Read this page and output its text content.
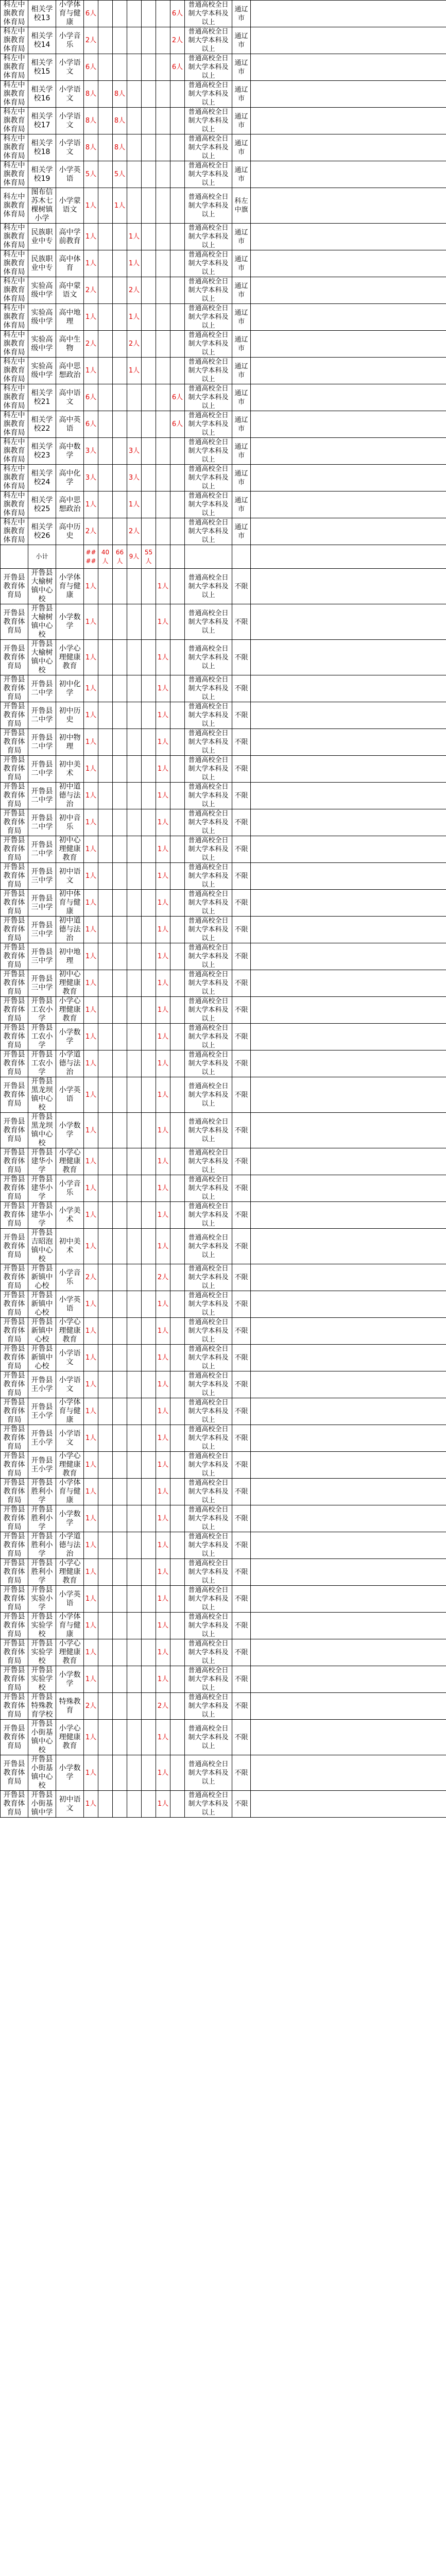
科左中旗教育体育局	相关学校13	小学体育与健康	6人						6人	普通高校全日制大学本科及以上	通辽市	
科左中旗教育体育局	相关学校14	小学音乐	2人						2人	普通高校全日制大学本科及以上	通辽市	
科左中旗教育体育局	相关学校15	小学语文	6人						6人	普通高校全日制大学本科及以上	通辽市	
科左中旗教育体育局	相关学校16	小学语文	8人		8人					普通高校全日制大学本科及以上	通辽市	
科左中旗教育体育局	相关学校17	小学语文	8人		8人					普通高校全日制大学本科及以上	通辽市	
科左中旗教育体育局	相关学校18	小学语文	8人		8人					普通高校全日制大学本科及以上	通辽市	
科左中旗教育体育局	相关学校19	小学英语	5人		5人					普通高校全日制大学本科及以上	通辽市	
科左中旗教育体育局	图布信苏木七棵树镇小学	小学蒙语文	1人		1人					普通高校全日制大学本科及以上	科左中旗	
科左中旗教育体育局	民族职业中专	高中学前教育	1人			1人				普通高校全日制大学本科及以上	通辽市	
科左中旗教育体育局	民族职业中专	高中体育	1人			1人				普通高校全日制大学本科及以上	通辽市	
科左中旗教育体育局	实验高级中学	高中蒙语文	2人			2人				普通高校全日制大学本科及以上	通辽市	
科左中旗教育体育局	实验高级中学	高中地理	1人			1人				普通高校全日制大学本科及以上	通辽市	
科左中旗教育体育局	实验高级中学	高中生物	2人			2人				普通高校全日制大学本科及以上	通辽市	
科左中旗教育体育局	实验高级中学	高中思想政治	1人			1人				普通高校全日制大学本科及以上	通辽市	
科左中旗教育体育局	相关学校21	高中语文	6人						6人	普通高校全日制大学本科及以上	通辽市	
科左中旗教育体育局	相关学校22	高中英语	6人						6人	普通高校全日制大学本科及以上	通辽市	
科左中旗教育体育局	相关学校23	高中数学	3人			3人				普通高校全日制大学本科及以上	通辽市	
科左中旗教育体育局	相关学校24	高中化学	3人			3人				普通高校全日制大学本科及以上	通辽市	
科左中旗教育体育局	相关学校25	高中思想政治	1人			1人				普通高校全日制大学本科及以上	通辽市	
科左中旗教育体育局	相关学校26	高中历史	2人			2人				普通高校全日制大学本科及以上	通辽市	
	小计		####	40人	66人	9人	55人					
开鲁县教育体育局	开鲁县大榆树镇中心校	小学体育与健康	1人					1人		普通高校全日制大学本科及以上	不限	
开鲁县教育体育局	开鲁县大榆树镇中心校	小学数学	1人					1人		普通高校全日制大学本科及以上	不限	
开鲁县教育体育局	开鲁县大榆树镇中心校	小学心理健康教育	1人					1人		普通高校全日制大学本科及以上	不限	
开鲁县教育体育局	开鲁县二中学	初中化学	1人					1人		普通高校全日制大学本科及以上	不限	
开鲁县教育体育局	开鲁县二中学	初中历史	1人					1人		普通高校全日制大学本科及以上	不限	
开鲁县教育体育局	开鲁县二中学	初中物理	1人					1人		普通高校全日制大学本科及以上	不限	
开鲁县教育体育局	开鲁县二中学	初中美术	1人					1人		普通高校全日制大学本科及以上	不限	
开鲁县教育体育局	开鲁县二中学	初中道德与法治	1人					1人		普通高校全日制大学本科及以上	不限	
开鲁县教育体育局	开鲁县二中学	初中音乐	1人					1人		普通高校全日制大学本科及以上	不限	
开鲁县教育体育局	开鲁县二中学	初中心理健康教育	1人					1人		普通高校全日制大学本科及以上	不限	
开鲁县教育体育局	开鲁县三中学	初中语文	1人					1人		普通高校全日制大学本科及以上	不限	
开鲁县教育体育局	开鲁县三中学	初中体育与健康	1人					1人		普通高校全日制大学本科及以上	不限	
开鲁县教育体育局	开鲁县三中学	初中道德与法治	1人					1人		普通高校全日制大学本科及以上	不限	
开鲁县教育体育局	开鲁县三中学	初中地理	1人					1人		普通高校全日制大学本科及以上	不限	
开鲁县教育体育局	开鲁县三中学	初中心理健康教育	1人					1人		普通高校全日制大学本科及以上	不限	
开鲁县教育体育局	开鲁县工农小学	小学心理健康教育	1人					1人		普通高校全日制大学本科及以上	不限	
开鲁县教育体育局	开鲁县工农小学	小学数学	1人					1人		普通高校全日制大学本科及以上	不限	
开鲁县教育体育局	开鲁县工农小学	小学道德与法治	1人					1人		普通高校全日制大学本科及以上	不限	
开鲁县教育体育局	开鲁县黑龙坝镇中心校	小学英语	1人					1人		普通高校全日制大学本科及以上	不限	
开鲁县教育体育局	开鲁县黑龙坝镇中心校	小学数学	1人					1人		普通高校全日制大学本科及以上	不限	
开鲁县教育体育局	开鲁县建华小学	小学心理健康教育	1人					1人		普通高校全日制大学本科及以上	不限	
开鲁县教育体育局	开鲁县建华小学	小学音乐	1人					1人		普通高校全日制大学本科及以上	不限	
开鲁县教育体育局	开鲁县建华小学	小学美术	1人					1人		普通高校全日制大学本科及以上	不限	
开鲁县教育体育局	开鲁县吉昭泡镇中心校	初中美术	1人					1人		普通高校全日制大学本科及以上	不限	
开鲁县教育体育局	开鲁县新镇中心校	小学音乐	2人					2人		普通高校全日制大学本科及以上	不限	
开鲁县教育体育局	开鲁县新镇中心校	小学英语	1人					1人		普通高校全日制大学本科及以上	不限	
开鲁县教育体育局	开鲁县新镇中心校	小学心理健康教育	1人					1人		普通高校全日制大学本科及以上	不限	
开鲁县教育体育局	开鲁县新镇中心校	小学语文	1人					1人		普通高校全日制大学本科及以上	不限	
开鲁县教育体育局	开鲁县王小学	小学语文	1人					1人		普通高校全日制大学本科及以上	不限	
开鲁县教育体育局	开鲁县王小学	小学体育与健康	1人					1人		普通高校全日制大学本科及以上	不限	
开鲁县教育体育局	开鲁县王小学	小学语文	1人					1人		普通高校全日制大学本科及以上	不限	
开鲁县教育体育局	开鲁县王小学	小学心理健康教育	1人					1人		普通高校全日制大学本科及以上	不限	
开鲁县教育体育局	开鲁县胜利小学	小学体育与健康	1人					1人		普通高校全日制大学本科及以上	不限	
开鲁县教育体育局	开鲁县胜利小学	小学数学	1人					1人		普通高校全日制大学本科及以上	不限	
开鲁县教育体育局	开鲁县胜利小学	小学道德与法治	1人					1人		普通高校全日制大学本科及以上	不限	
开鲁县教育体育局	开鲁县胜利小学	小学心理健康教育	1人					1人		普通高校全日制大学本科及以上	不限	
开鲁县教育体育局	开鲁县实验小学	小学英语	1人					1人		普通高校全日制大学本科及以上	不限	
开鲁县教育体育局	开鲁县实验学校	小学体育与健康	1人					1人		普通高校全日制大学本科及以上	不限	
开鲁县教育体育局	开鲁县实验学校	小学心理健康教育	1人					1人		普通高校全日制大学本科及以上	不限	
开鲁县教育体育局	开鲁县实验学校	小学数学	1人					1人		普通高校全日制大学本科及以上	不限	
开鲁县教育体育局	开鲁县特殊教育学校	特殊教育	2人					2人		普通高校全日制大学本科及以上	不限	
开鲁县教育体育局	开鲁县小街基镇中心校	小学心理健康教育	1人					1人		普通高校全日制大学本科及以上	不限	
开鲁县教育体育局	开鲁县小街基镇中心校	小学数学	1人					1人		普通高校全日制大学本科及以上	不限	
开鲁县教育体育局	开鲁县小街基镇中学	初中语文	1人					1人		普通高校全日制大学本科及以上	不限	
